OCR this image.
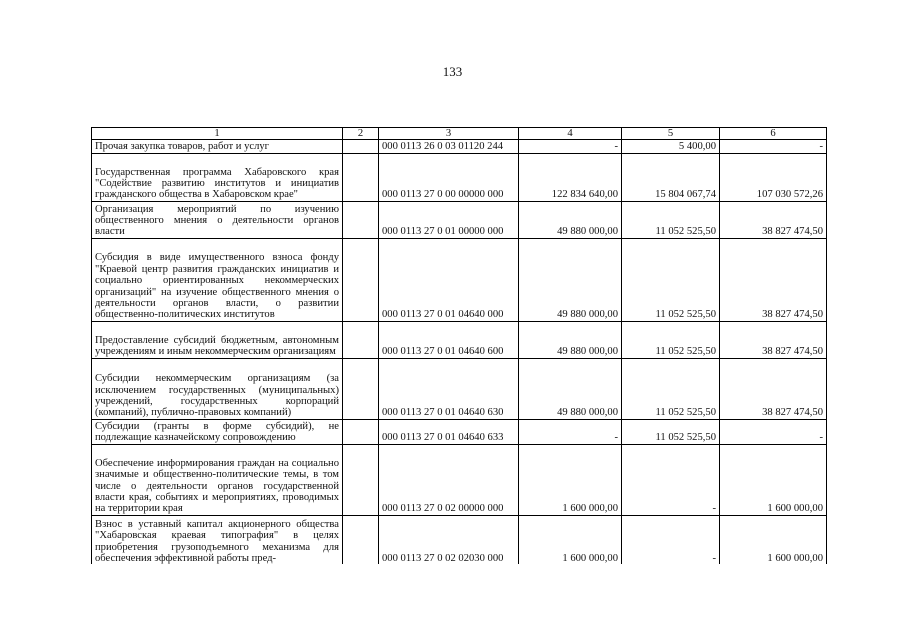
133
1	2	3	4	5	6
Прочая закупка товаров, работ и услуг		000 0113 26 0 03 01120 244	-	5 400,00	-
Государственная программа Хабаровского края "Содействие развитию институтов и инициатив гражданского общества в Хабаровском крае"		000 0113 27 0 00 00000 000	122 834 640,00	15 804 067,74	107 030 572,26
Организация мероприятий по изучению общественного мнения о деятельности органов власти		000 0113 27 0 01 00000 000	49 880 000,00	11 052 525,50	38 827 474,50
Субсидия в виде имущественного взноса фонду "Краевой центр развития гражданских инициатив и социально ориентированных некоммерческих организаций" на изучение общественного мнения о деятельности органов власти, о развитии общественно-политических институтов		000 0113 27 0 01 04640 000	49 880 000,00	11 052 525,50	38 827 474,50
Предоставление субсидий бюджетным, автономным учреждениям и иным некоммерческим организациям		000 0113 27 0 01 04640 600	49 880 000,00	11 052 525,50	38 827 474,50
Субсидии некоммерческим организациям (за исключением государственных (муниципальных) учреждений, государственных корпораций (компаний), публично-правовых компаний)		000 0113 27 0 01 04640 630	49 880 000,00	11 052 525,50	38 827 474,50
Субсидии (гранты в форме субсидий), не подлежащие казначейскому сопровождению		000 0113 27 0 01 04640 633	-	11 052 525,50	-
Обеспечение информирования граждан на социально значимые и общественно-политические темы, в том числе о деятельности органов государственной власти края, событиях и мероприятиях, проводимых на территории края		000 0113 27 0 02 00000 000	1 600 000,00	-	1 600 000,00
Взнос в уставный капитал акционерного общества "Хабаровская краевая типография" в целях приобретения грузоподъемного механизма для обеспечения эффективной работы пред-		000 0113 27 0 02 02030 000	1 600 000,00	-	1 600 000,00
